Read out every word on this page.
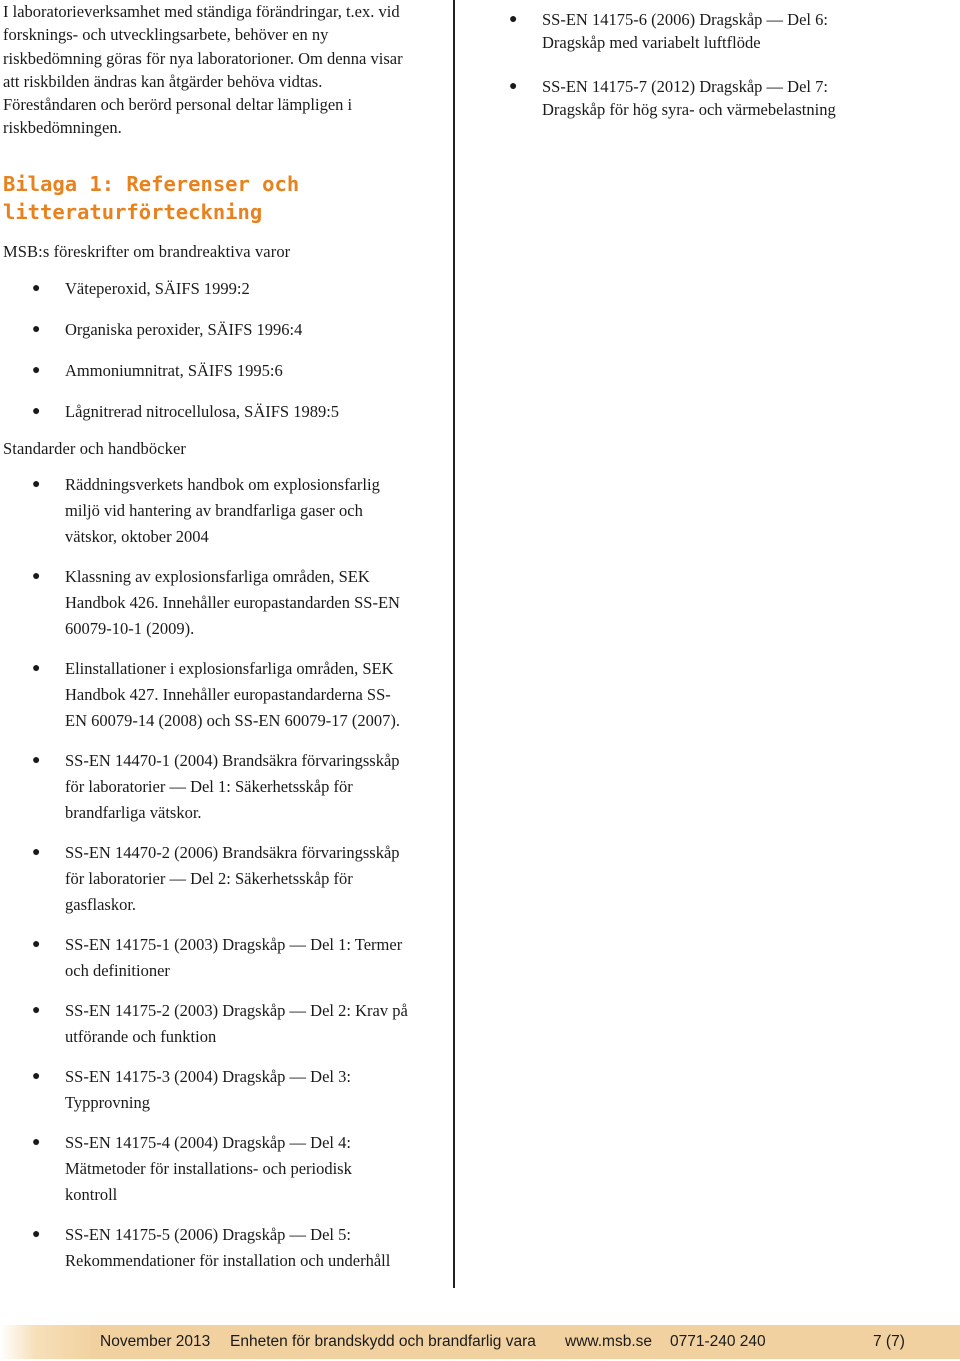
I laboratorieverksamhet med ständiga förändringar, t.ex. vid
forsknings- och utvecklingsarbete, behöver en ny
riskbedömning göras för nya laboratorioner. Om denna visar
att riskbilden ändras kan åtgärder behöva vidtas.
Föreståndaren och berörd personal deltar lämpligen i
riskbedömningen.

Bilaga 1: Referenser och
litteraturförteckning

MSB:s föreskrifter om brandreaktiva varor

● Väteperoxid, SÄIFS 1999:2
● Organiska peroxider, SÄIFS 1996:4
● Ammoniumnitrat, SÄIFS 1995:6
● Lågnitrerad nitrocellulosa, SÄIFS 1989:5

Standarder och handböcker

● Räddningsverkets handbok om explosionsfarlig
miljö vid hantering av brandfarliga gaser och
vätskor, oktober 2004
● Klassning av explosionsfarliga områden, SEK
Handbok 426. Innehåller europastandarden SS-EN
60079-10-1 (2009).
● Elinstallationer i explosionsfarliga områden, SEK
Handbok 427. Innehåller europastandarderna SS-
EN 60079-14 (2008) och SS-EN 60079-17 (2007).
● SS-EN 14470-1 (2004) Brandsäkra förvaringsskåp
för laboratorier — Del 1: Säkerhetsskåp för
brandfarliga vätskor.
● SS-EN 14470-2 (2006) Brandsäkra förvaringsskåp
för laboratorier — Del 2: Säkerhetsskåp för
gasflaskor.
● SS-EN 14175-1 (2003) Dragskåp — Del 1: Termer
och definitioner
● SS-EN 14175-2 (2003) Dragskåp — Del 2: Krav på
utförande och funktion
● SS-EN 14175-3 (2004) Dragskåp — Del 3:
Typprovning
● SS-EN 14175-4 (2004) Dragskåp — Del 4:
Mätmetoder för installations- och periodisk
kontroll
● SS-EN 14175-5 (2006) Dragskåp — Del 5:
Rekommendationer för installation och underhåll
● SS-EN 14175-6 (2006) Dragskåp — Del 6:
Dragskåp med variabelt luftflöde
● SS-EN 14175-7 (2012) Dragskåp — Del 7:
Dragskåp för hög syra- och värmebelastning
November 2013 Enheten för brandskydd och brandfarlig vara www.msb.se 0771-240 240	7 (7)
